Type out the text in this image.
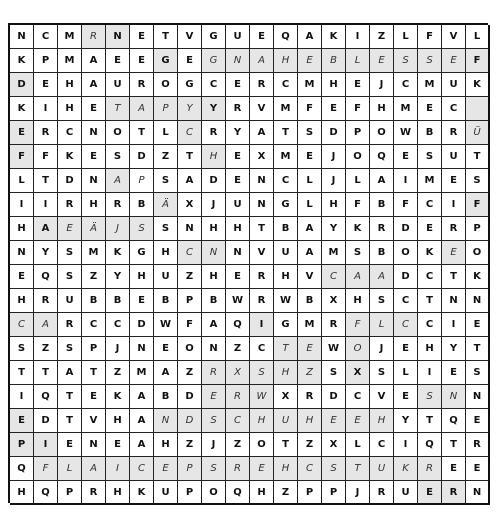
N	C	M	R	N	E	T	V	G	U	E	Q	A	K	I	Z	L	F	V	L
K	P	M	A	E	E	G	E	G	N	A	H	E	B	L	E	S	S	E	F
D	E	H	A	U	R	O	G	C	E	R	C	M	H	E	J	C	M	U	K
K	I	H	E	T	A	P	Y	Y	R	V	M	F	E	F	H	M	E	C
E	R	C	N	O	T	L	C	R	Y	A	T	S	D	P	O	W	B	R	Ü
F	F	K	E	S	D	Z	T	H	E	X	M	E	J	O	Q	E	S	U	T
L	T	D	N	A	P	S	A	D	E	N	C	L	J	L	A	I	M	E	S
I	I	R	H	R	B	Ä	X	J	U	N	G	L	H	F	B	F	C	I	F
H	A	E	Ä	J	S	S	N	H	H	T	B	A	Y	K	R	D	E	R	P
N	Y	S	M	K	G	H	C	N	N	V	U	A	M	S	B	O	K	E	O
E	Q	S	Z	Y	H	U	Z	H	E	R	H	V	C	A	A	D	C	T	K
H	R	U	B	B	E	B	P	B	W	R	W	B	X	H	S	C	T	N	N
C	A	R	C	C	D	W	F	A	Q	I	G	M	R	F	L	C	C	I	E
S	Z	S	P	J	N	E	O	N	Z	C	T	E	W	O	J	E	H	Y	T
T	T	A	T	Z	M	A	Z	R	X	S	H	Z	S	X	S	L	I	E	S
I	Q	T	E	K	A	B	D	E	R	W	X	R	D	C	V	E	S	N	N
E	D	T	V	H	A	N	D	S	C	H	U	H	E	E	H	Y	T	Q	E
P	I	E	N	E	A	H	Z	J	Z	O	T	Z	X	L	C	I	Q	T	R
Q	F	L	A	I	C	E	P	S	R	E	H	C	S	T	U	K	R	E	E
H	Q	P	R	H	K	U	P	O	Q	H	Z	P	P	J	R	U	E	R	N
